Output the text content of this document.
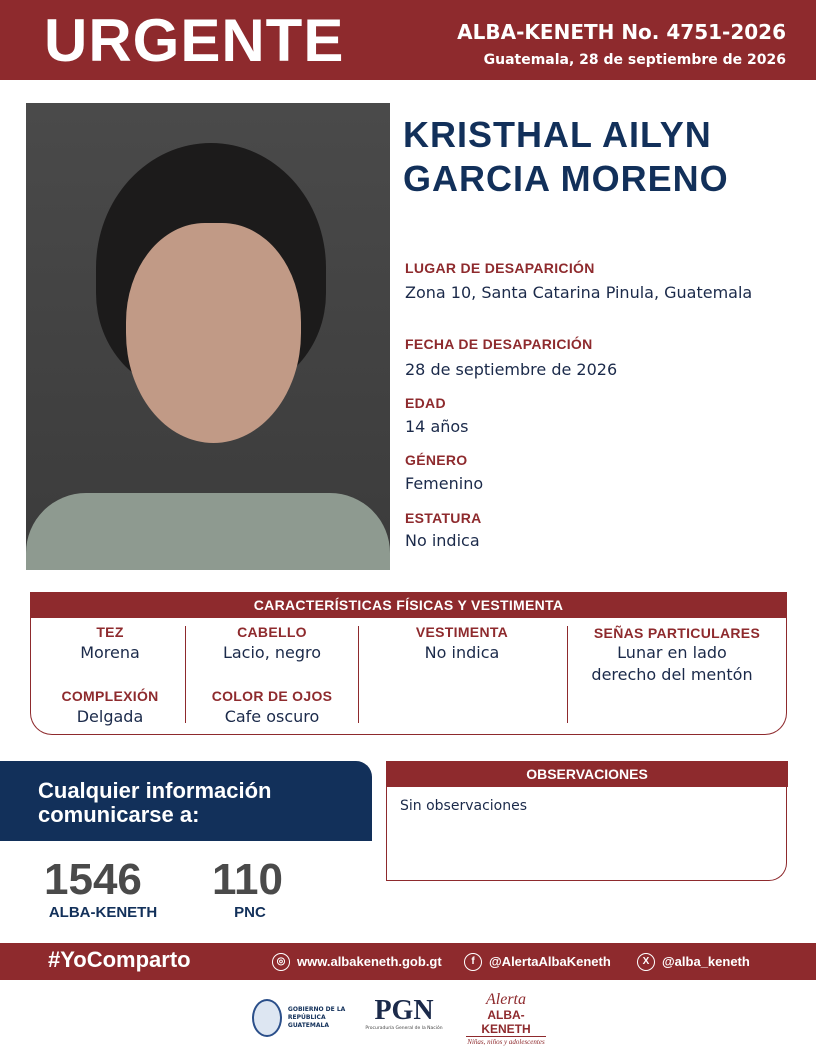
URGENTE	ALBA-KENETH No. 4751-2026
Guatemala, 28 de septiembre de 2026
KRISTHAL AILYN
GARCIA MORENO
LUGAR DE DESAPARICIÓN
Zona 10, Santa Catarina Pinula, Guatemala
FECHA DE DESAPARICIÓN
28 de septiembre de 2026
EDAD
14 años
GÉNERO
Femenino
ESTATURA
No indica
CARACTERÍSTICAS FÍSICAS Y VESTIMENTA
TEZ
Morena
CABELLO
Lacio, negro
VESTIMENTA
No indica
SEÑAS PARTICULARES
Lunar en lado
derecho del mentón
COMPLEXIÓN
Delgada
COLOR DE OJOS
Cafe oscuro
Cualquier información
comunicarse a:
1546
ALBA-KENETH
110
PNC
OBSERVACIONES
Sin observaciones
#YoComparto	◎ www.albakeneth.gob.gt	f	@AlertaAlbaKeneth	X @alba_keneth
GOBIERNO DE LA REPÚBLICA
GUATEMALA	PGN
Procuraduría General de la Nación
Alerta
ALBA-KENETH
Niñas, niños y adolescentes
